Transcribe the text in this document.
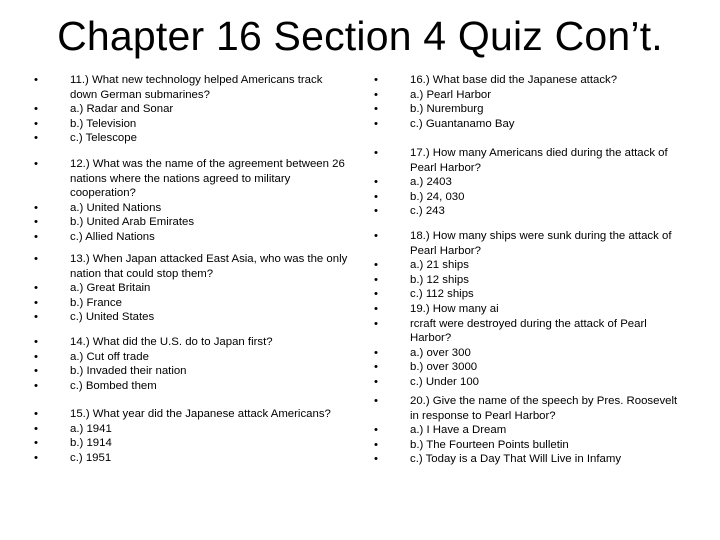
Chapter 16 Section 4 Quiz Con’t.
•	11.) What new technology helped Americans track down German submarines?
•	a.) Radar and Sonar
•	b.) Television
•	c.) Telescope
•	12.) What was the name of the agreement between 26 nations where the nations agreed to military cooperation?
•	a.) United Nations
•	b.) United Arab Emirates
•	c.) Allied Nations
•	13.) When Japan attacked East Asia, who was the only nation that could stop them?
•	a.) Great Britain
•	b.) France
•	c.) United States
•	14.) What did the U.S. do to Japan first?
•	a.) Cut off trade
•	b.) Invaded their nation
•	c.) Bombed them
•	15.) What year did the Japanese attack Americans?
•	a.) 1941
•	b.) 1914
•	c.) 1951
•	16.) What base did the Japanese attack?
•	a.) Pearl Harbor
•	b.) Nuremburg
•	c.) Guantanamo Bay
•	17.) How many Americans died during the attack of Pearl Harbor?
•	a.) 2403
•	b.) 24, 030
•	c.) 243
•	18.) How many ships were sunk during the attack of Pearl Harbor?
•	a.) 21 ships
•	b.) 12 ships
•	c.) 112 ships
•	19.) How many ai
•	rcraft were destroyed during the attack of Pearl Harbor?
•	a.) over 300
•	b.) over 3000
•	c.) Under 100
•	20.) Give the name of the speech by Pres. Roosevelt in response to Pearl Harbor?
•	a.) I Have a Dream
•	b.) The Fourteen Points bulletin
•	c.) Today is a Day That Will Live in Infamy
